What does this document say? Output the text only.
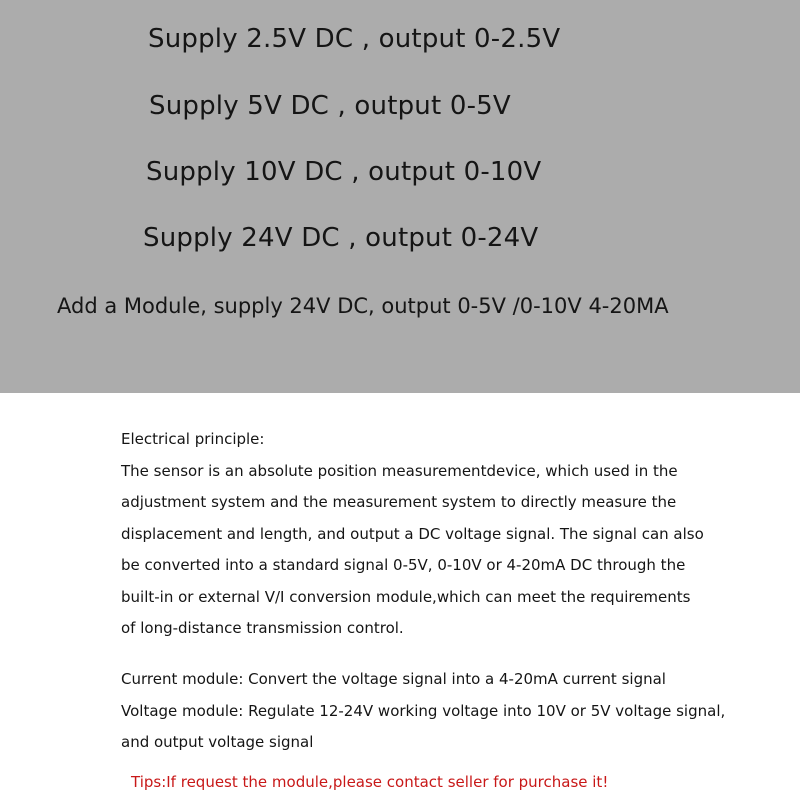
Supply 2.5V DC , output 0-2.5V
Supply 5V DC , output 0-5V
Supply 10V DC , output 0-10V
Supply 24V DC , output 0-24V
Add a Module, supply 24V DC, output 0-5V /0-10V 4-20MA
Electrical principle:
The sensor is an absolute position measurementdevice, which used in the
adjustment system and the measurement system to directly measure the
displacement and length, and output a DC voltage signal. The signal can also
be converted into a standard signal 0-5V, 0-10V or 4-20mA DC through the
built-in or external V/I conversion module,which can meet the requirements
of long-distance transmission control.
Current module: Convert the voltage signal into a 4-20mA current signal
Voltage module: Regulate 12-24V working voltage into 10V or 5V voltage signal,
and output voltage signal
Tips:If request the module,please contact seller for purchase it!
